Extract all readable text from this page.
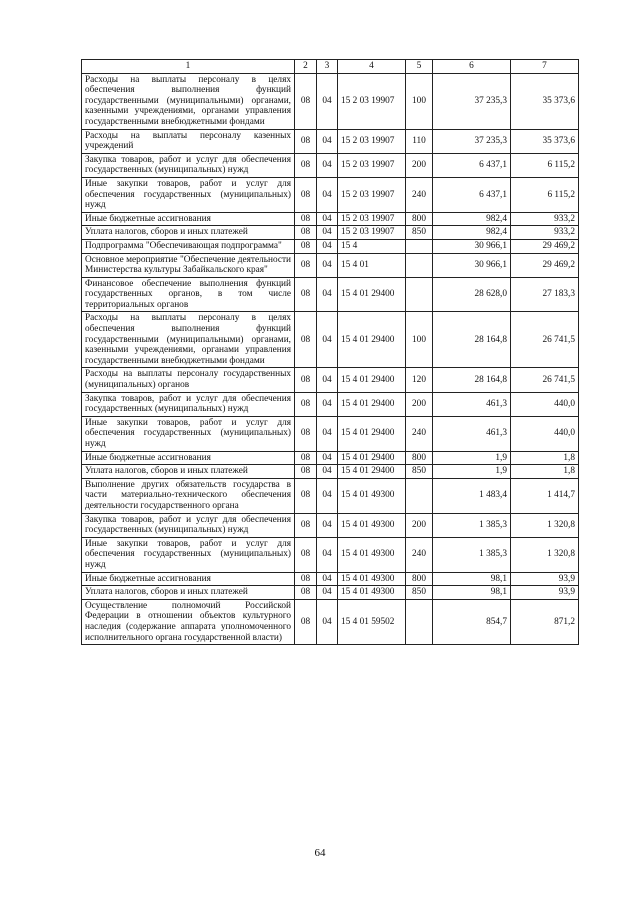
1	2	3	4	5	6	7
Расходы на выплаты персоналу в целях обеспечения выполнения функций государственными (муниципальными) органами, казенными учреждениями, органами управления государственными внебюджетными фондами	08	04	15 2 03 19907	100	37 235,3	35 373,6
Расходы на выплаты персоналу казенных учреждений	08	04	15 2 03 19907	110	37 235,3	35 373,6
Закупка товаров, работ и услуг для обеспечения государственных (муниципальных) нужд	08	04	15 2 03 19907	200	6 437,1	6 115,2
Иные закупки товаров, работ и услуг для обеспечения государственных (муниципальных) нужд	08	04	15 2 03 19907	240	6 437,1	6 115,2
Иные бюджетные ассигнования	08	04	15 2 03 19907	800	982,4	933,2
Уплата налогов, сборов и иных платежей	08	04	15 2 03 19907	850	982,4	933,2
Подпрограмма "Обеспечивающая подпрограмма"	08	04	15 4		30 966,1	29 469,2
Основное мероприятие "Обеспечение деятельности Министерства культуры Забайкальского края"	08	04	15 4 01		30 966,1	29 469,2
Финансовое обеспечение выполнения функций государственных органов, в том числе территориальных органов	08	04	15 4 01 29400		28 628,0	27 183,3
Расходы на выплаты персоналу в целях обеспечения выполнения функций государственными (муниципальными) органами, казенными учреждениями, органами управления государственными внебюджетными фондами	08	04	15 4 01 29400	100	28 164,8	26 741,5
Расходы на выплаты персоналу государственных (муниципальных) органов	08	04	15 4 01 29400	120	28 164,8	26 741,5
Закупка товаров, работ и услуг для обеспечения государственных (муниципальных) нужд	08	04	15 4 01 29400	200	461,3	440,0
Иные закупки товаров, работ и услуг для обеспечения государственных (муниципальных) нужд	08	04	15 4 01 29400	240	461,3	440,0
Иные бюджетные ассигнования	08	04	15 4 01 29400	800	1,9	1,8
Уплата налогов, сборов и иных платежей	08	04	15 4 01 29400	850	1,9	1,8
Выполнение других обязательств государства в части материально-технического обеспечения деятельности государственного органа	08	04	15 4 01 49300		1 483,4	1 414,7
Закупка товаров, работ и услуг для обеспечения государственных (муниципальных) нужд	08	04	15 4 01 49300	200	1 385,3	1 320,8
Иные закупки товаров, работ и услуг для обеспечения государственных (муниципальных) нужд	08	04	15 4 01 49300	240	1 385,3	1 320,8
Иные бюджетные ассигнования	08	04	15 4 01 49300	800	98,1	93,9
Уплата налогов, сборов и иных платежей	08	04	15 4 01 49300	850	98,1	93,9
Осуществление полномочий Российской Федерации в отношении объектов культурного наследия (содержание аппарата уполномоченного исполнительного органа государственной власти)	08	04	15 4 01 59502		854,7	871,2
64
